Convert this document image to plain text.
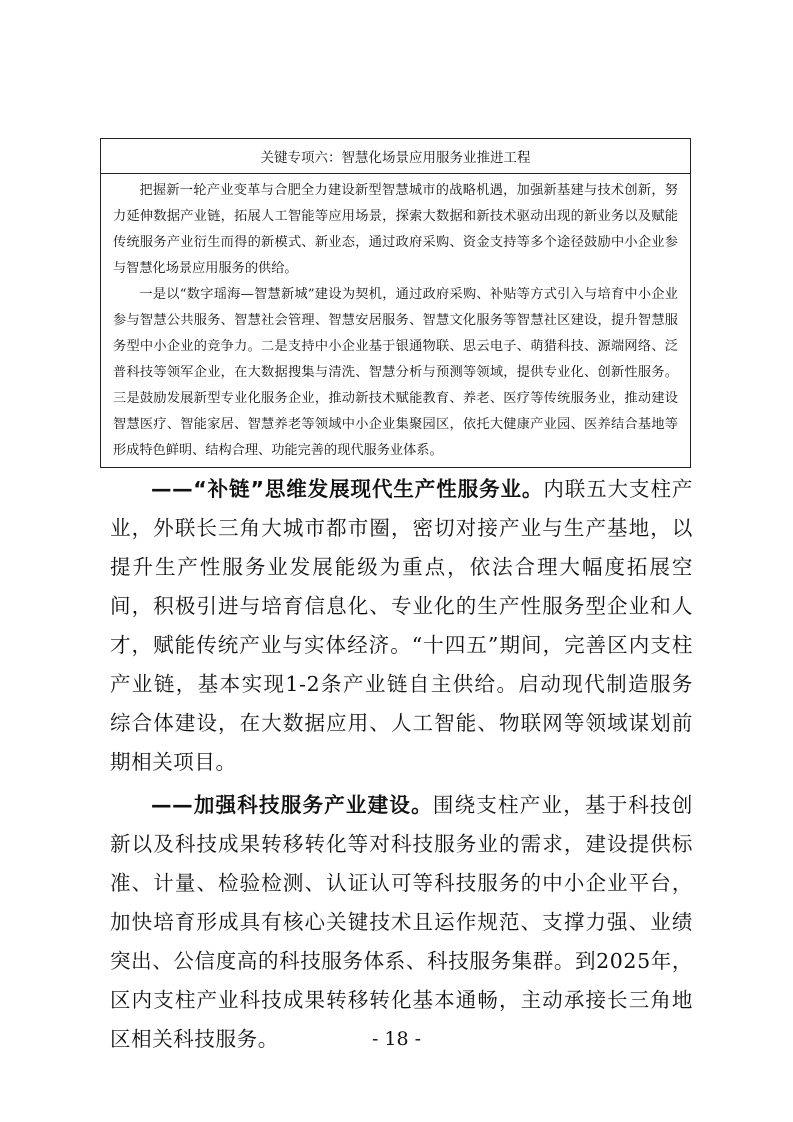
关键专项六：智慧化场景应用服务业推进工程

把握新一轮产业变革与合肥全力建设新型智慧城市的战略机遇，加强新基建与技术创新，努力延伸数据产业链，拓展人工智能等应用场景，探索大数据和新技术驱动出现的新业务以及赋能传统服务产业衍生而得的新模式、新业态，通过政府采购、资金支持等多个途径鼓励中小企业参与智慧化场景应用服务的供给。

一是以“数字瑶海—智慧新城”建设为契机，通过政府采购、补贴等方式引入与培育中小企业参与智慧公共服务、智慧社会管理、智慧安居服务、智慧文化服务等智慧社区建设，提升智慧服务型中小企业的竞争力。二是支持中小企业基于银通物联、思云电子、萌猎科技、源端网络、泛普科技等领军企业，在大数据搜集与清洗、智慧分析与预测等领域，提供专业化、创新性服务。三是鼓励发展新型专业化服务企业，推动新技术赋能教育、养老、医疗等传统服务业，推动建设智慧医疗、智能家居、智慧养老等领域中小企业集聚园区，依托大健康产业园、医养结合基地等形成特色鲜明、结构合理、功能完善的现代服务业体系。

——“补链”思维发展现代生产性服务业。内联五大支柱产业，外联长三角大城市都市圈，密切对接产业与生产基地，以提升生产性服务业发展能级为重点，依法合理大幅度拓展空间，积极引进与培育信息化、专业化的生产性服务型企业和人才，赋能传统产业与实体经济。“十四五”期间，完善区内支柱产业链，基本实现1-2条产业链自主供给。启动现代制造服务综合体建设，在大数据应用、人工智能、物联网等领域谋划前期相关项目。

——加强科技服务产业建设。围绕支柱产业，基于科技创新以及科技成果转移转化等对科技服务业的需求，建设提供标准、计量、检验检测、认证认可等科技服务的中小企业平台，加快培育形成具有核心关键技术且运作规范、支撑力强、业绩突出、公信度高的科技服务体系、科技服务集群。到2025年，区内支柱产业科技成果转移转化基本通畅，主动承接长三角地区相关科技服务。	- 18 -
